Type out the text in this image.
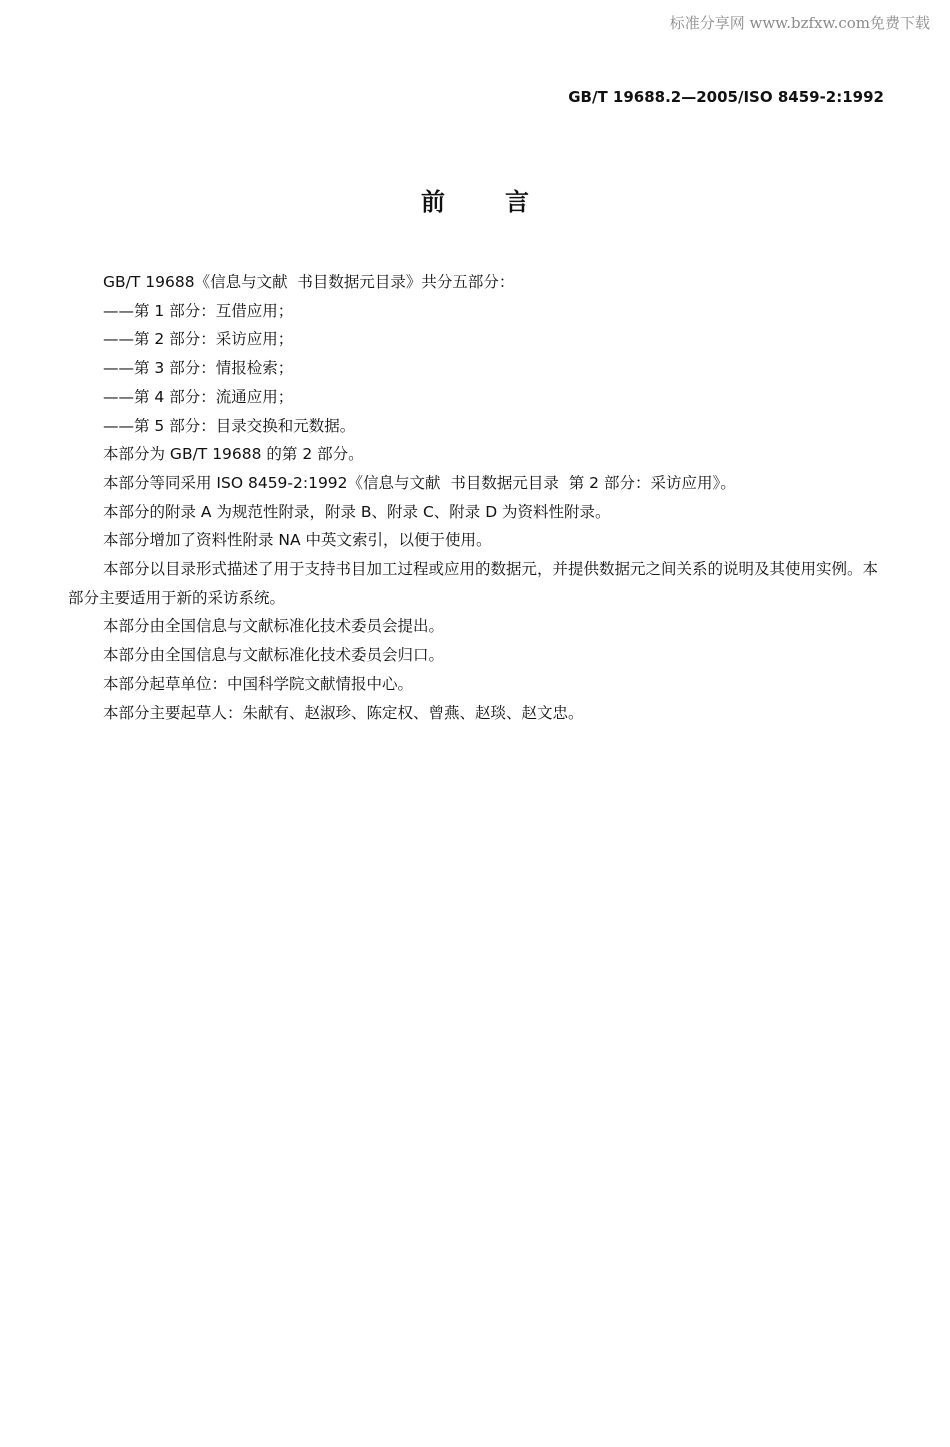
标准分享网 www.bzfxw.com免费下载
GB/T 19688.2—2005/ISO 8459-2:1992
前言

GB/T 19688《信息与文献  书目数据元目录》共分五部分：

——第 1 部分：互借应用；

——第 2 部分：采访应用；

——第 3 部分：情报检索；

——第 4 部分：流通应用；

——第 5 部分：目录交换和元数据。

本部分为 GB/T 19688 的第 2 部分。

本部分等同采用 ISO 8459-2:1992《信息与文献  书目数据元目录  第 2 部分：采访应用》。

本部分的附录 A 为规范性附录，附录 B、附录 C、附录 D 为资料性附录。

本部分增加了资料性附录 NA 中英文索引，以便于使用。

本部分以目录形式描述了用于支持书目加工过程或应用的数据元，并提供数据元之间关系的说明及其使用实例。本部分主要适用于新的采访系统。

本部分由全国信息与文献标准化技术委员会提出。

本部分由全国信息与文献标准化技术委员会归口。

本部分起草单位：中国科学院文献情报中心。

本部分主要起草人：朱献有、赵淑珍、陈定权、曾燕、赵琰、赵文忠。
